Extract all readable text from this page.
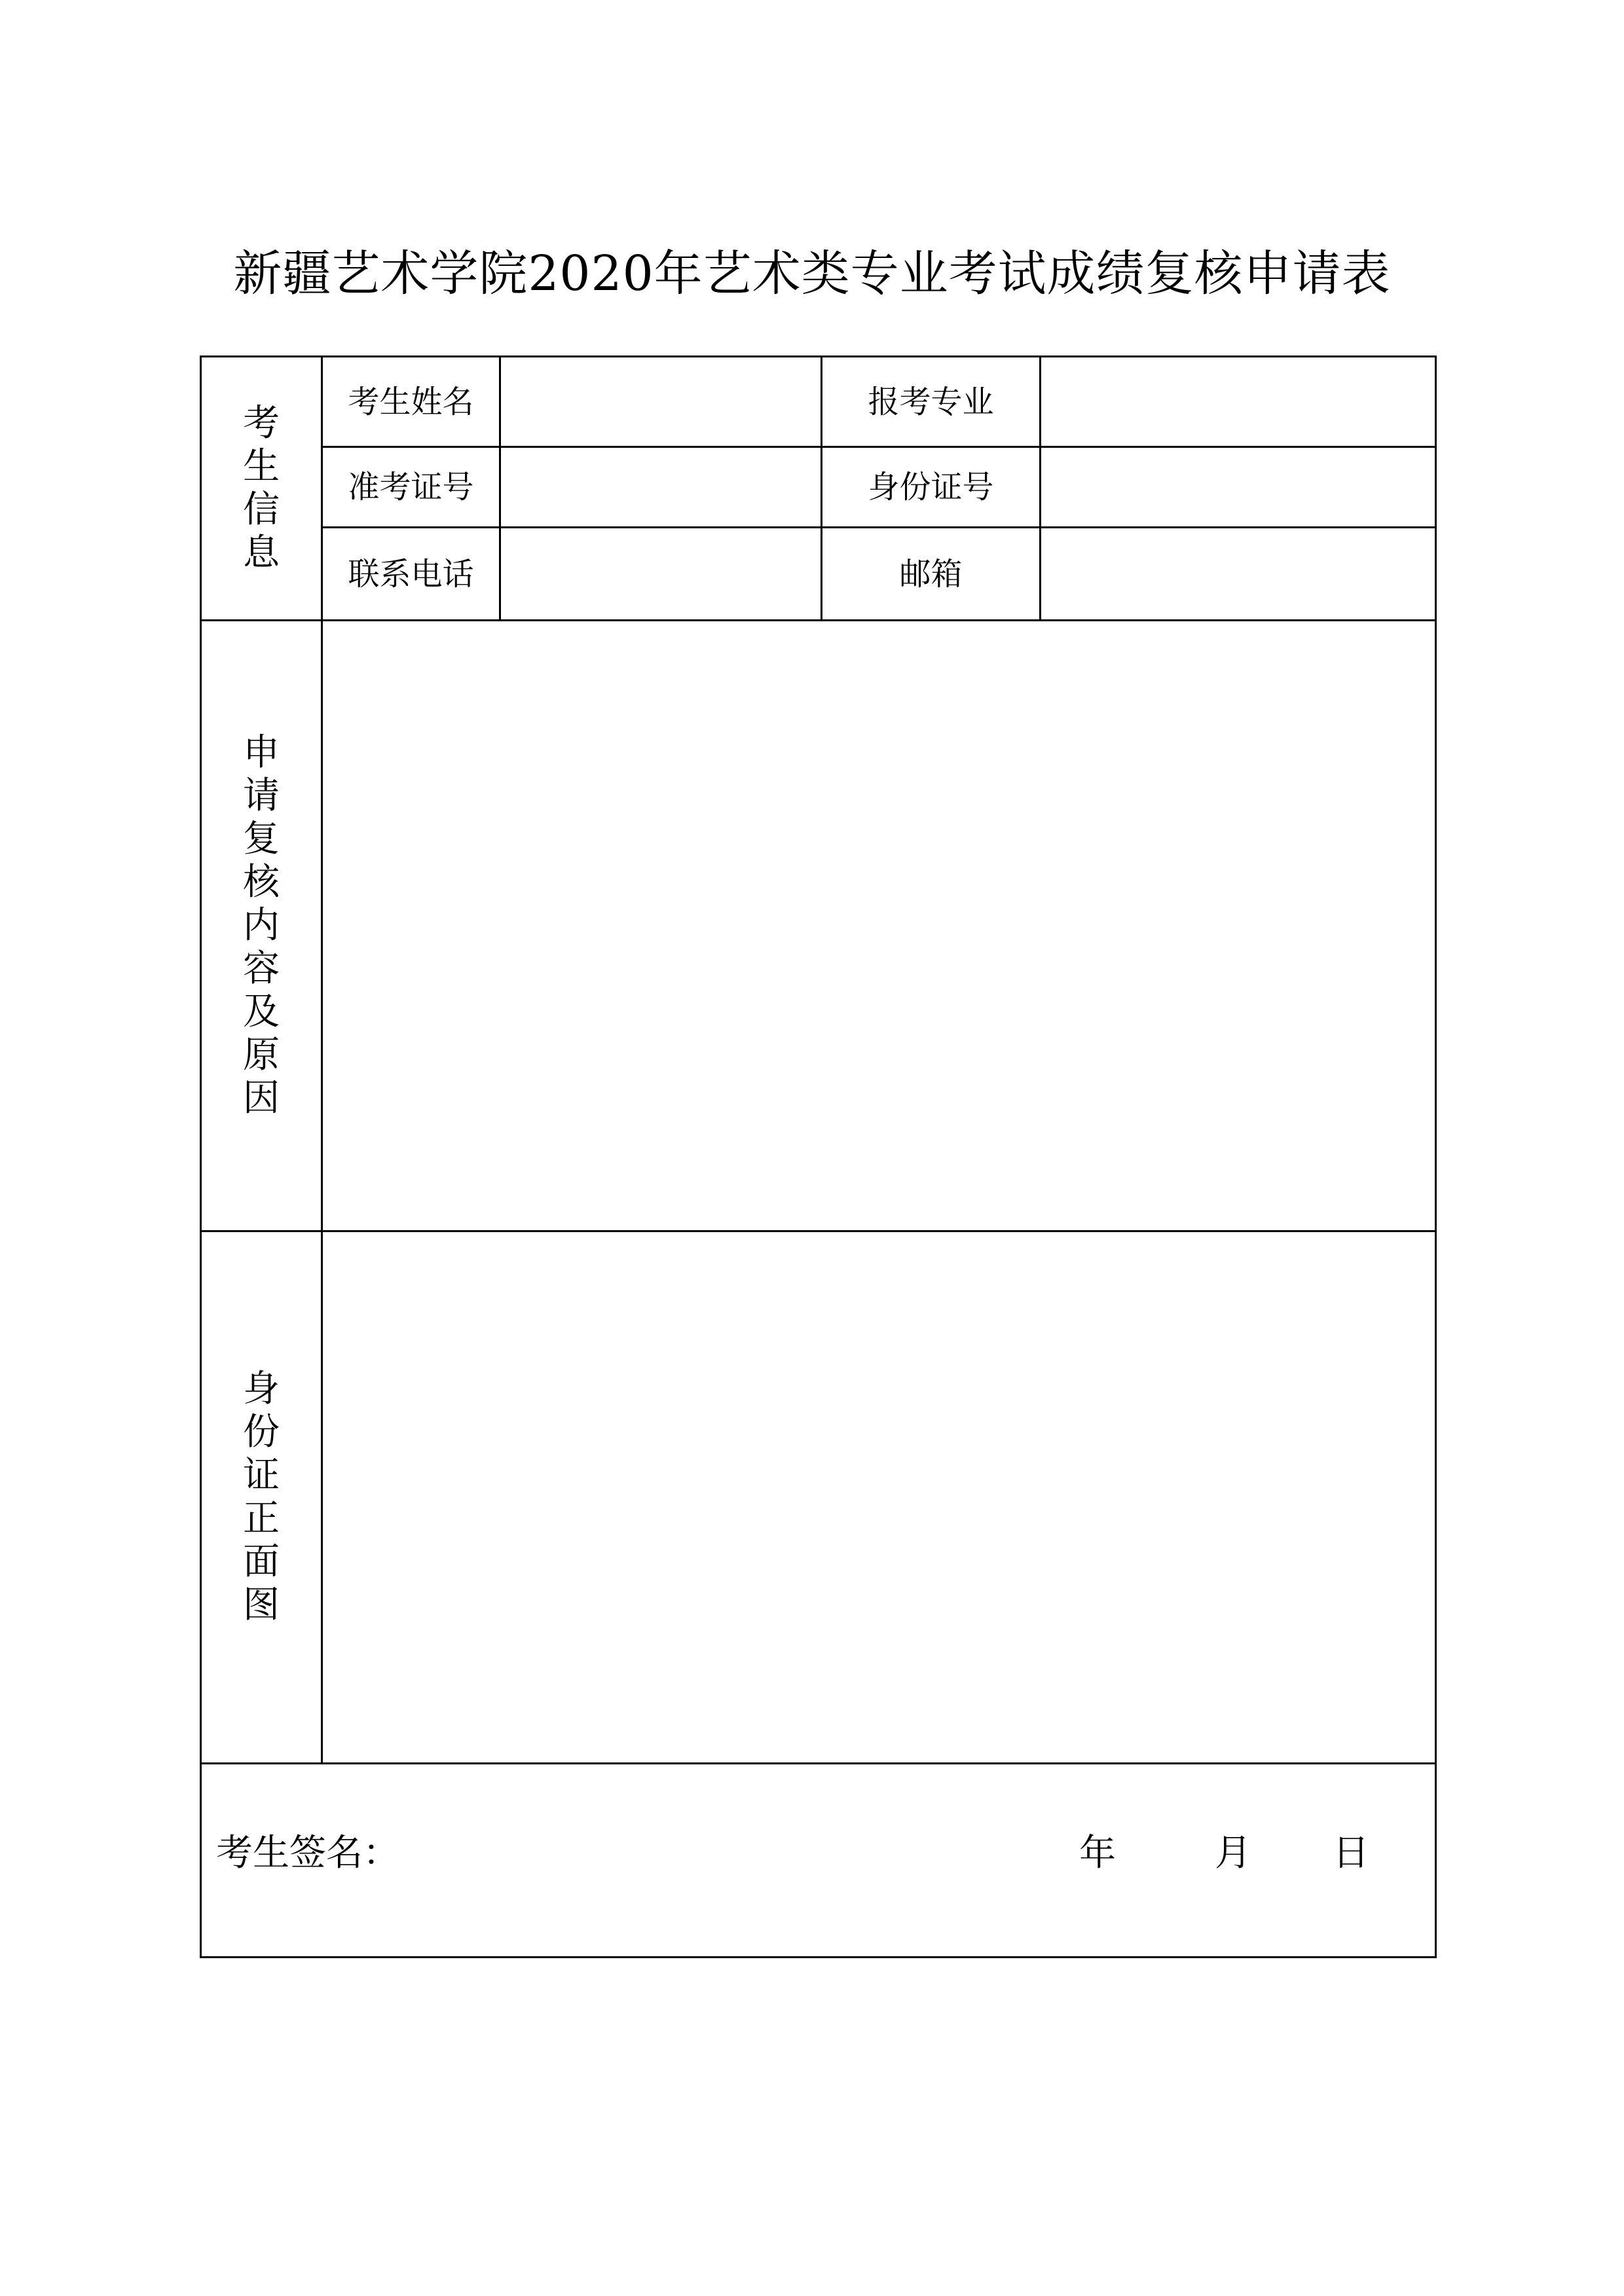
新疆艺术学院2020年艺术类专业考试成绩复核申请表
考生信息
考生姓名	报考专业
准考证号	身份证号
联系电话	邮箱
申请复核内容及原因
身份证正面图
考生签名：	年	月 日
